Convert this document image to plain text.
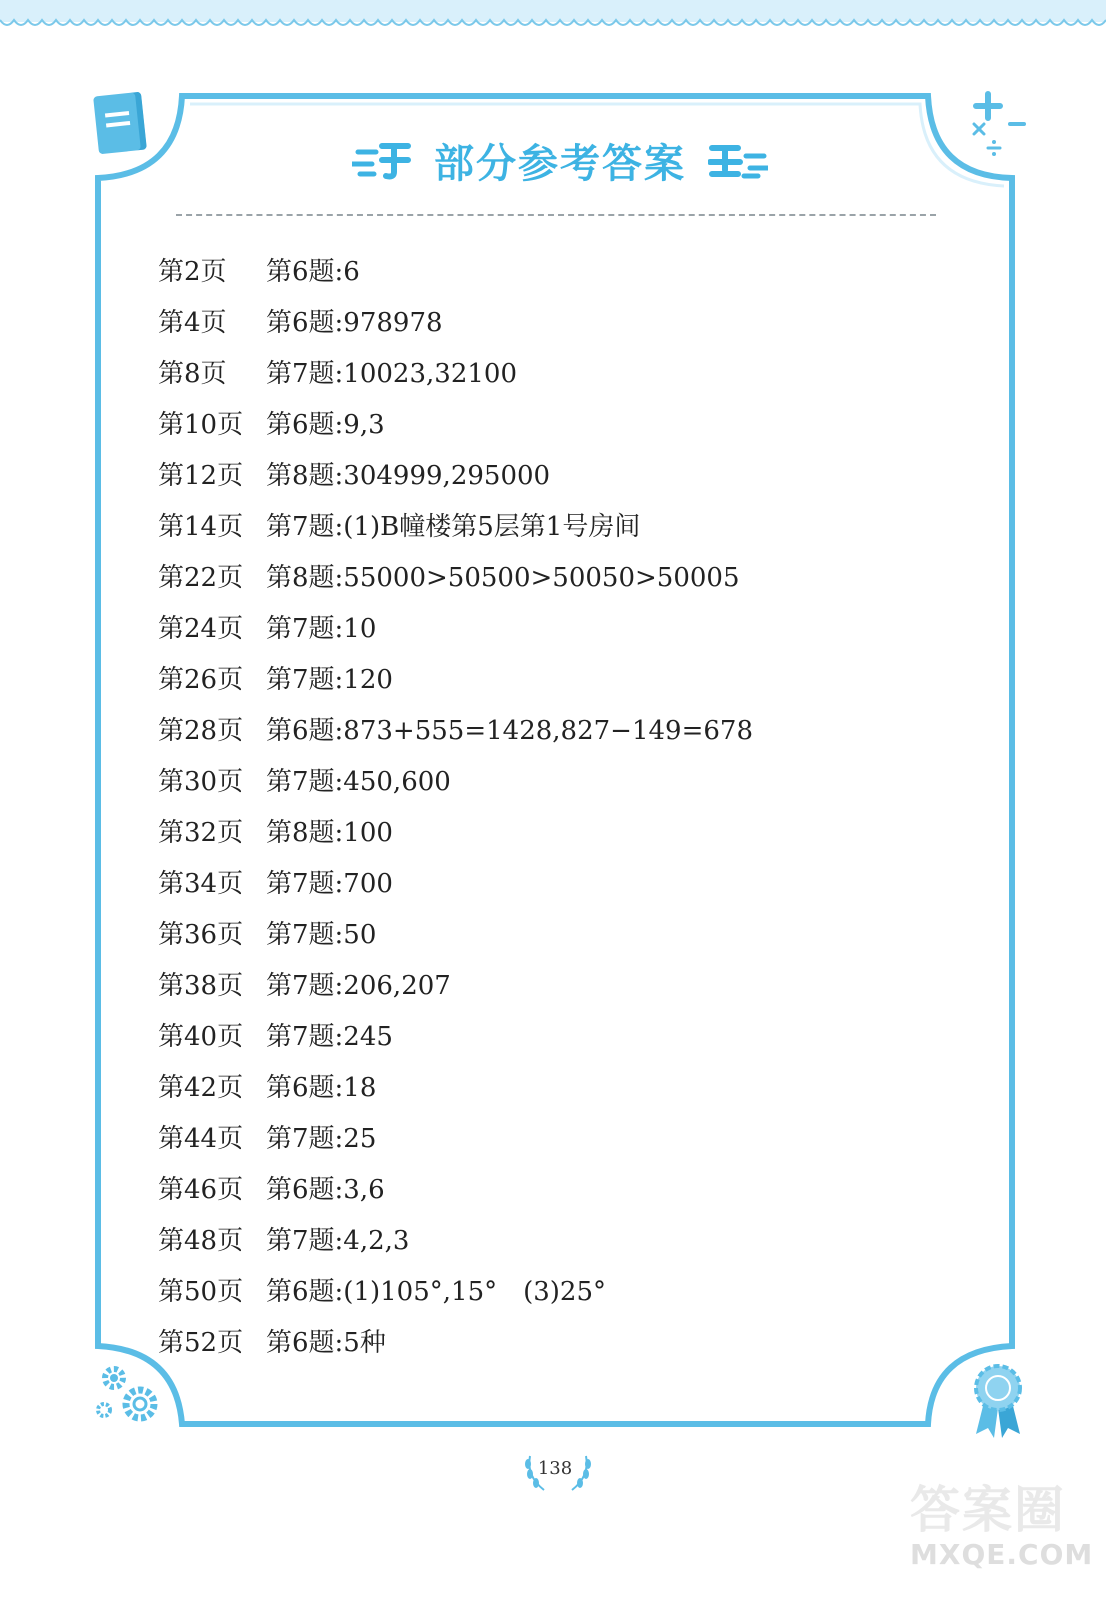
部分参考答案
第2页	第6题:6
第4页	第6题:978978
第8页	第7题:10023,32100
第10页 第6题:9,3
第12页 第8题:304999,295000
第14页 第7题:(1)B幢楼第5层第1号房间
第22页 第8题:55000>50500>50050>50005
第24页 第7题:10
第26页 第7题:120
第28页 第6题:873+555=1428,827−149=678
第30页 第7题:450,600
第32页 第8题:100
第34页 第7题:700
第36页 第7题:50
第38页 第7题:206,207
第40页 第7题:245
第42页 第6题:18
第44页 第7题:25
第46页 第6题:3,6
第48页 第7题:4,2,3
第50页 第6题:(1)105°,15°　(3)25°
第52页 第6题:5种
138
答案圈
MXQE.COM
